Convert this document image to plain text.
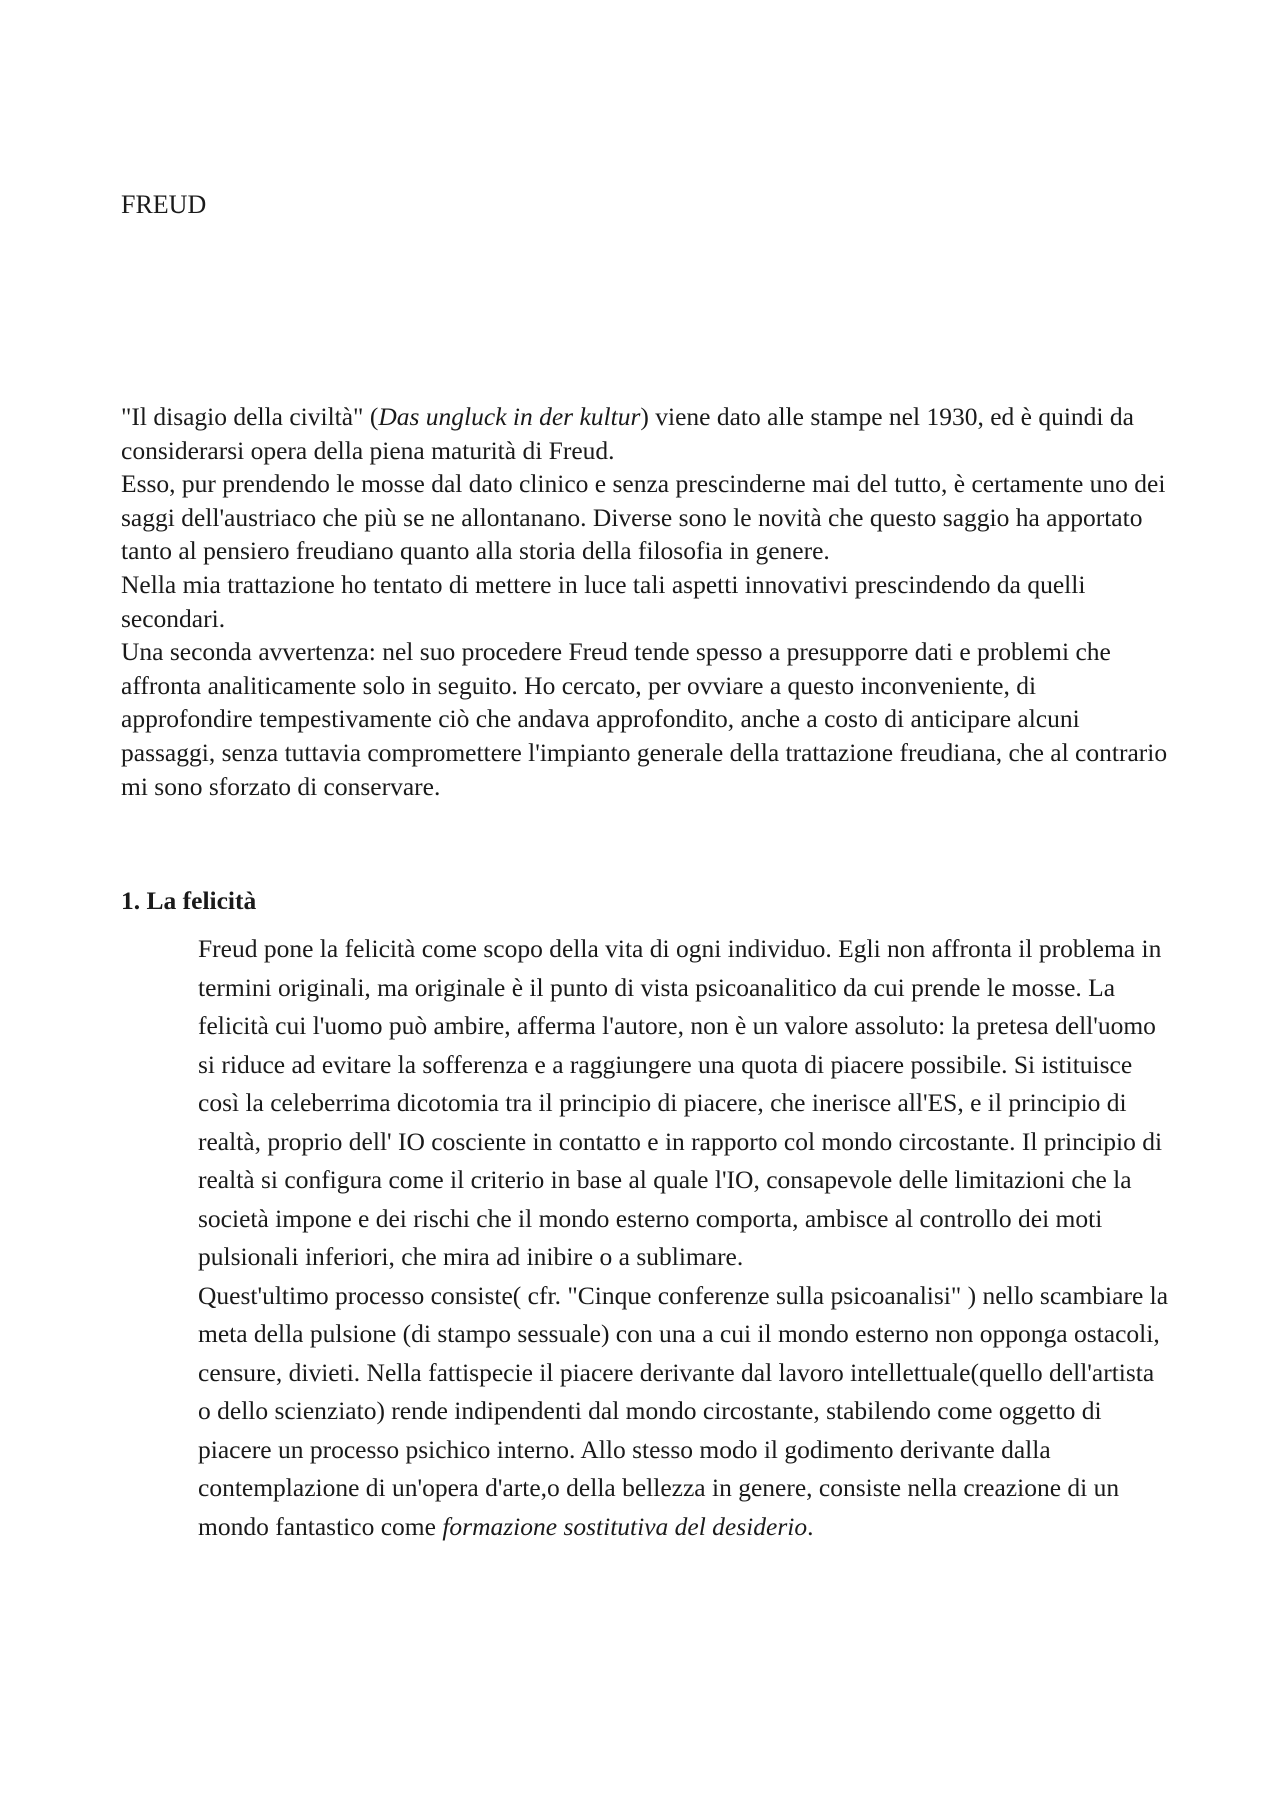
FREUD

"Il disagio della civiltà" (Das ungluck in der kultur) viene dato alle stampe nel 1930, ed è quindi da considerarsi opera della piena maturità di Freud.

Esso, pur prendendo le mosse dal dato clinico e senza prescinderne mai del tutto, è certamente uno dei saggi dell'austriaco che più se ne allontanano. Diverse sono le novità che questo saggio ha apportato tanto al pensiero freudiano quanto alla storia della filosofia in genere.

Nella mia trattazione ho tentato di mettere in luce tali aspetti innovativi prescindendo da quelli secondari.

Una seconda avvertenza: nel suo procedere Freud tende spesso a presupporre dati e problemi che affronta analiticamente solo in seguito. Ho cercato, per ovviare a questo inconveniente, di approfondire tempestivamente ciò che andava approfondito, anche a costo di anticipare alcuni passaggi, senza tuttavia compromettere l'impianto generale della trattazione freudiana, che al contrario mi sono sforzato di conservare.

1. La felicità

Freud pone la felicità come scopo della vita di ogni individuo. Egli non affronta il problema in termini originali, ma originale è il punto di vista psicoanalitico da cui prende le mosse. La felicità cui l'uomo può ambire, afferma l'autore, non è un valore assoluto: la pretesa dell'uomo si riduce ad evitare la sofferenza e a raggiungere una quota di piacere possibile. Si istituisce così la celeberrima dicotomia tra il principio di piacere, che inerisce all'ES, e il principio di realtà, proprio dell' IO cosciente in contatto e in rapporto col mondo circostante. Il principio di realtà si configura come il criterio in base al quale l'IO, consapevole delle limitazioni che la società impone e dei rischi che il mondo esterno comporta, ambisce al controllo dei moti pulsionali inferiori, che mira ad inibire o a sublimare.

Quest'ultimo processo consiste( cfr. "Cinque conferenze sulla psicoanalisi" ) nello scambiare la meta della pulsione (di stampo sessuale) con una a cui il mondo esterno non opponga ostacoli, censure, divieti. Nella fattispecie il piacere derivante dal lavoro intellettuale(quello dell'artista o dello scienziato) rende indipendenti dal mondo circostante, stabilendo come oggetto di piacere un processo psichico interno. Allo stesso modo il godimento derivante dalla contemplazione di un'opera d'arte,o della bellezza in genere, consiste nella creazione di un mondo fantastico come formazione sostitutiva del desiderio.
